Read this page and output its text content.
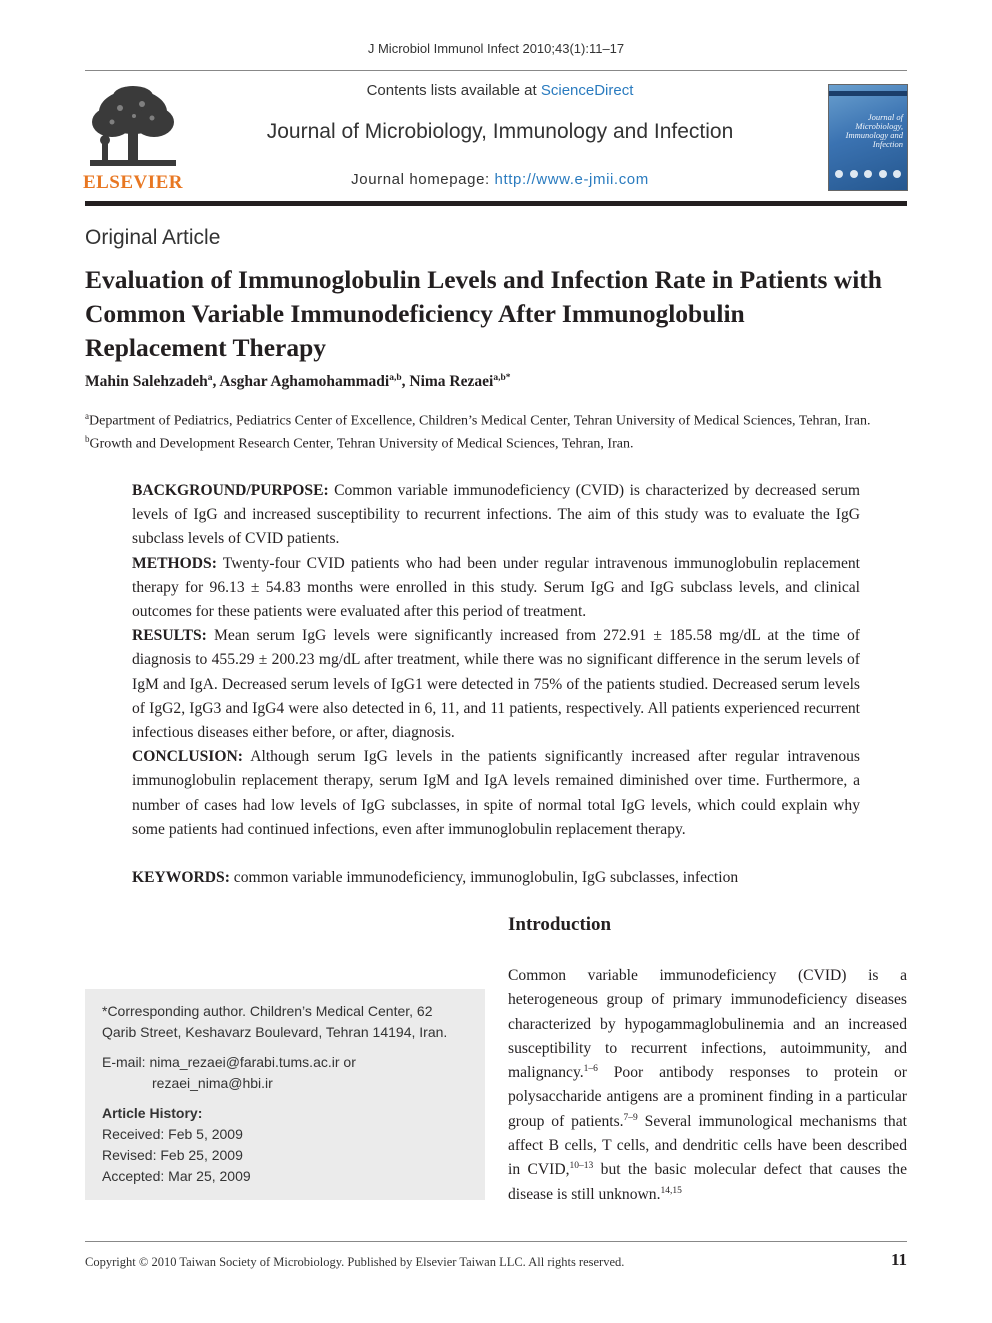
J Microbiol Immunol Infect 2010;43(1):11–17
ELSEVIER
Contents lists available at ScienceDirect
Journal of Microbiology, Immunology and Infection
Journal homepage: http://www.e-jmii.com
Journal of Microbiology, Immunology and Infection
Original Article
Evaluation of Immunoglobulin Levels and Infection Rate in Patients with Common Variable Immunodeficiency After Immunoglobulin Replacement Therapy
Mahin Salehzadeh$^a$, Asghar Aghamohammadi$^{a,b}$, Nima Rezaei$^{a,b*}$
$^a$Department of Pediatrics, Pediatrics Center of Excellence, Children’s Medical Center, Tehran University of Medical Sciences, Tehran, Iran.
$^b$Growth and Development Research Center, Tehran University of Medical Sciences, Tehran, Iran.

BACKGROUND/PURPOSE: Common variable immunodeficiency (CVID) is characterized by decreased serum levels of IgG and increased susceptibility to recurrent infections. The aim of this study was to evaluate the IgG subclass levels of CVID patients.

METHODS: Twenty-four CVID patients who had been under regular intravenous immunoglobulin replacement therapy for 96.13 ± 54.83 months were enrolled in this study. Serum IgG and IgG subclass levels, and clinical outcomes for these patients were evaluated after this period of treatment.

RESULTS: Mean serum IgG levels were significantly increased from 272.91 ± 185.58 mg/dL at the time of diagnosis to 455.29 ± 200.23 mg/dL after treatment, while there was no significant difference in the serum levels of IgM and IgA. Decreased serum levels of IgG1 were detected in 75% of the patients studied. Decreased serum levels of IgG2, IgG3 and IgG4 were also detected in 6, 11, and 11 patients, respectively. All patients experienced recurrent infectious diseases either before, or after, diagnosis.

CONCLUSION: Although serum IgG levels in the patients significantly increased after regular intravenous immunoglobulin replacement therapy, serum IgM and IgA levels remained diminished over time. Furthermore, a number of cases had low levels of IgG subclasses, in spite of normal total IgG levels, which could explain why some patients had continued infections, even after immunoglobulin replacement therapy.

KEYWORDS: common variable immunodeficiency, immunoglobulin, IgG subclasses, infection

*Corresponding author. Children’s Medical Center, 62 Qarib Street, Keshavarz Boulevard, Tehran 14194, Iran.

E-mail: nima_rezaei@farabi.tums.ac.ir or

rezaei_nima@hbi.ir

Article History:

Received: Feb 5, 2009

Revised: Feb 25, 2009

Accepted: Mar 25, 2009

Introduction
Common variable immunodeficiency (CVID) is a heterogeneous group of primary immunodeficiency diseases characterized by hypogammaglobulinemia and an increased susceptibility to recurrent infections, autoimmunity, and malignancy.$^{1-6}$ Poor antibody responses to protein or polysaccharide antigens are a prominent finding in a particular group of patients.$^{7-9}$ Several immunological mechanisms that affect B cells, T cells, and dendritic cells have been described in CVID,$^{10-13}$ but the basic molecular defect that causes the disease is still unknown.$^{14,15}$
Copyright © 2010 Taiwan Society of Microbiology. Published by Elsevier Taiwan LLC. All rights reserved.	11
